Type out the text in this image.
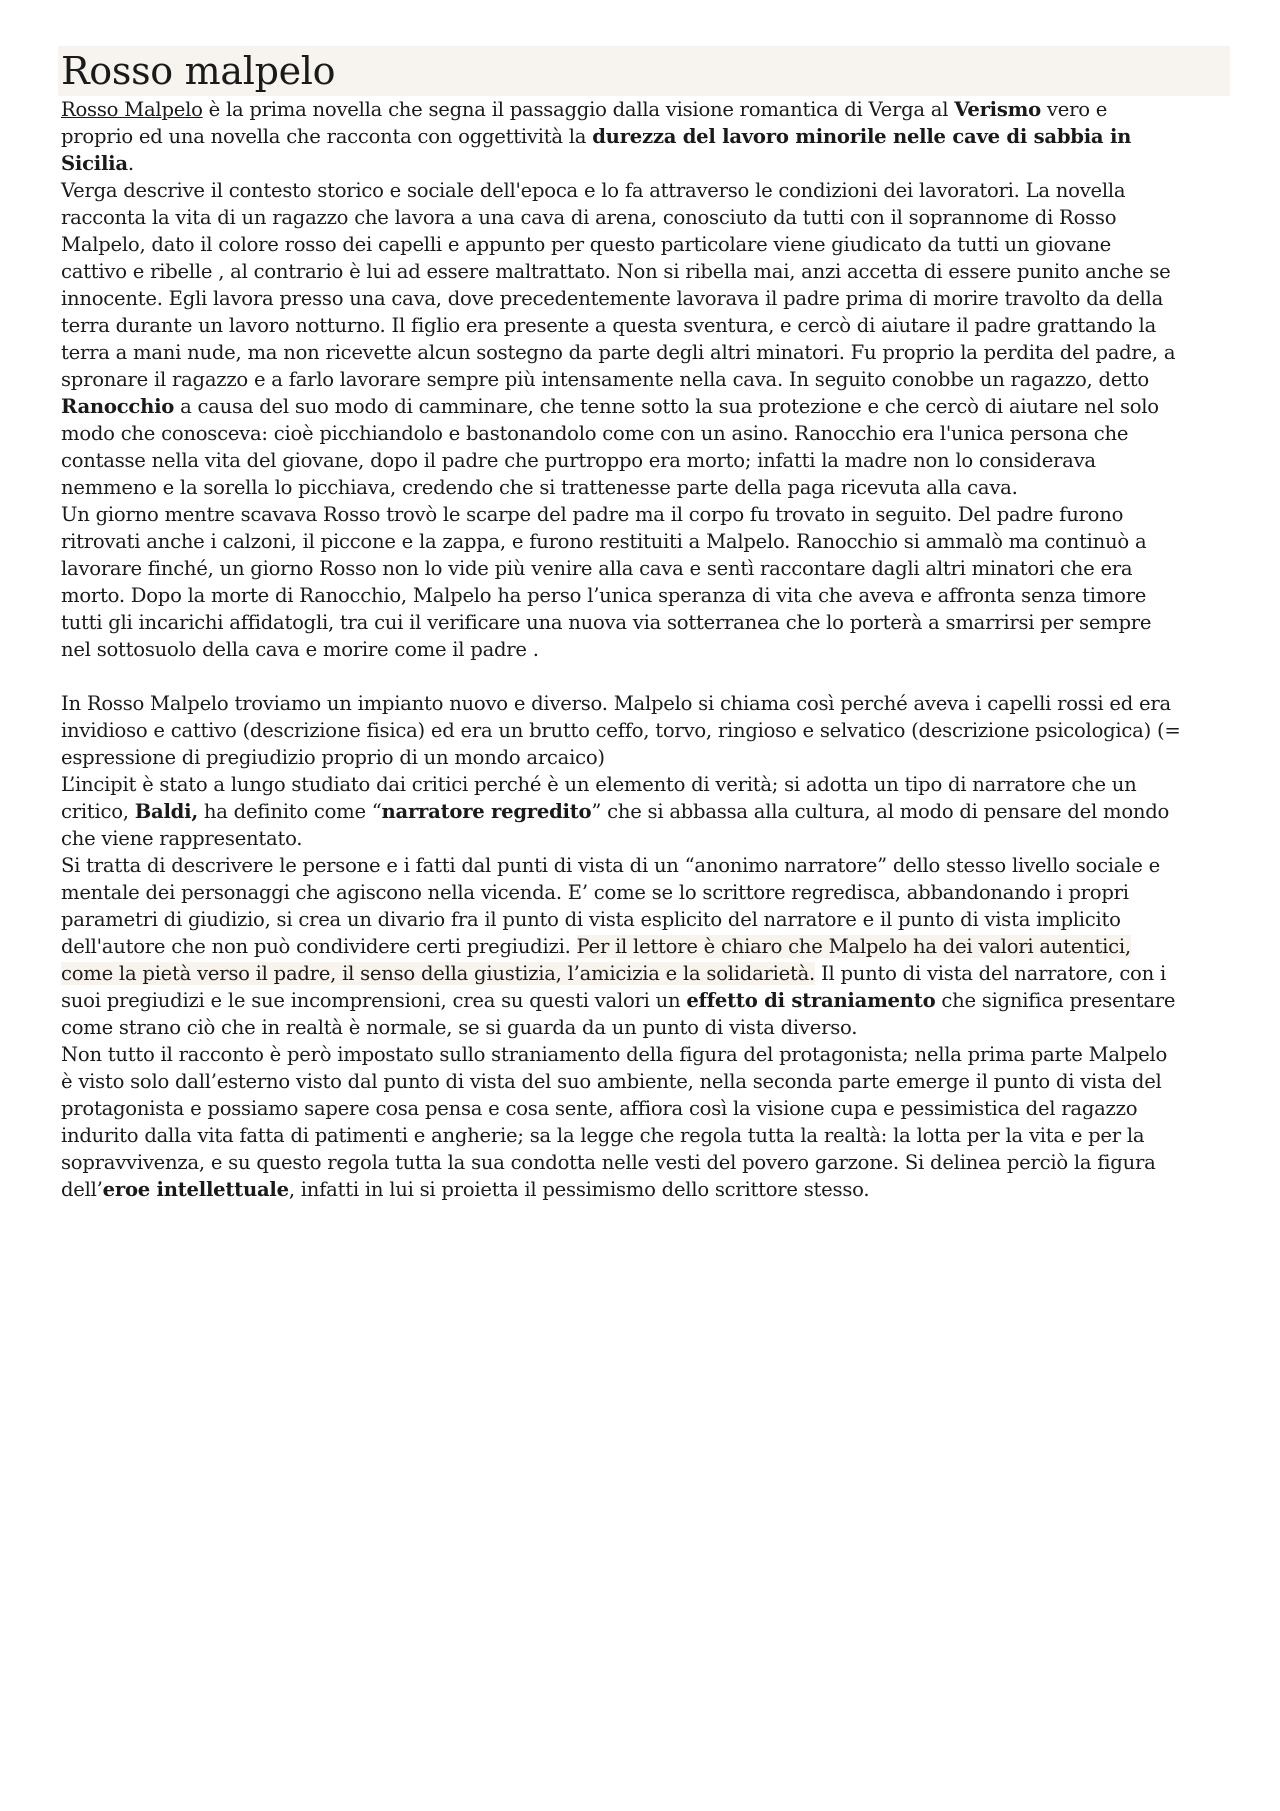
Rosso malpelo

Rosso Malpelo è la prima novella che segna il passaggio dalla visione romantica di Verga al Verismo vero e proprio ed una novella che racconta con oggettività la durezza del lavoro minorile nelle cave di sabbia in Sicilia.

Verga descrive il contesto storico e sociale dell'epoca e lo fa attraverso le condizioni dei lavoratori. La novella racconta la vita di un ragazzo che lavora a una cava di arena, conosciuto da tutti con il soprannome di Rosso Malpelo, dato il colore rosso dei capelli e appunto per questo particolare viene giudicato da tutti un giovane cattivo e ribelle , al contrario è lui ad essere maltrattato. Non si ribella mai, anzi accetta di essere punito anche se innocente. Egli lavora presso una cava, dove precedentemente lavorava il padre prima di morire travolto da della terra durante un lavoro notturno. Il figlio era presente a questa sventura, e cercò di aiutare il padre grattando la terra a mani nude, ma non ricevette alcun sostegno da parte degli altri minatori. Fu proprio la perdita del padre, a spronare il ragazzo e a farlo lavorare sempre più intensamente nella cava. In seguito conobbe un ragazzo, detto Ranocchio a causa del suo modo di camminare, che tenne sotto la sua protezione e che cercò di aiutare nel solo modo che conosceva: cioè picchiandolo e bastonandolo come con un asino. Ranocchio era l'unica persona che contasse nella vita del giovane, dopo il padre che purtroppo era morto; infatti la madre non lo considerava nemmeno e la sorella lo picchiava, credendo che si trattenesse parte della paga ricevuta alla cava.

Un giorno mentre scavava Rosso trovò le scarpe del padre ma il corpo fu trovato in seguito. Del padre furono ritrovati anche i calzoni, il piccone e la zappa, e furono restituiti a Malpelo. Ranocchio si ammalò ma continuò a lavorare finché, un giorno Rosso non lo vide più venire alla cava e sentì raccontare dagli altri minatori che era morto. Dopo la morte di Ranocchio, Malpelo ha perso l’unica speranza di vita che aveva e affronta senza timore tutti gli incarichi affidatogli, tra cui il verificare una nuova via sotterranea che lo porterà a smarrirsi per sempre nel sottosuolo della cava e morire come il padre .

In Rosso Malpelo troviamo un impianto nuovo e diverso. Malpelo si chiama così perché aveva i capelli rossi ed era invidioso e cattivo (descrizione fisica) ed era un brutto ceffo, torvo, ringioso e selvatico (descrizione psicologica) (= espressione di pregiudizio proprio di un mondo arcaico)

L’incipit è stato a lungo studiato dai critici perché è un elemento di verità; si adotta un tipo di narratore che un critico, Baldi, ha definito come “narratore regredito” che si abbassa alla cultura, al modo di pensare del mondo che viene rappresentato.

Si tratta di descrivere le persone e i fatti dal punti di vista di un “anonimo narratore” dello stesso livello sociale e mentale dei personaggi che agiscono nella vicenda. E’ come se lo scrittore regredisca, abbandonando i propri parametri di giudizio, si crea un divario fra il punto di vista esplicito del narratore e il punto di vista implicito dell'autore che non può condividere certi pregiudizi. Per il lettore è chiaro che Malpelo ha dei valori autentici, come la pietà verso il padre, il senso della giustizia, l’amicizia e la solidarietà. Il punto di vista del narratore, con i suoi pregiudizi e le sue incomprensioni, crea su questi valori un effetto di straniamento che significa presentare come strano ciò che in realtà è normale, se si guarda da un punto di vista diverso.

Non tutto il racconto è però impostato sullo straniamento della figura del protagonista; nella prima parte Malpelo è visto solo dall’esterno visto dal punto di vista del suo ambiente, nella seconda parte emerge il punto di vista del protagonista e possiamo sapere cosa pensa e cosa sente, affiora così la visione cupa e pessimistica del ragazzo indurito dalla vita fatta di patimenti e angherie; sa la legge che regola tutta la realtà: la lotta per la vita e per la sopravvivenza, e su questo regola tutta la sua condotta nelle vesti del povero garzone. Si delinea perciò la figura dell’eroe intellettuale, infatti in lui si proietta il pessimismo dello scrittore stesso.
